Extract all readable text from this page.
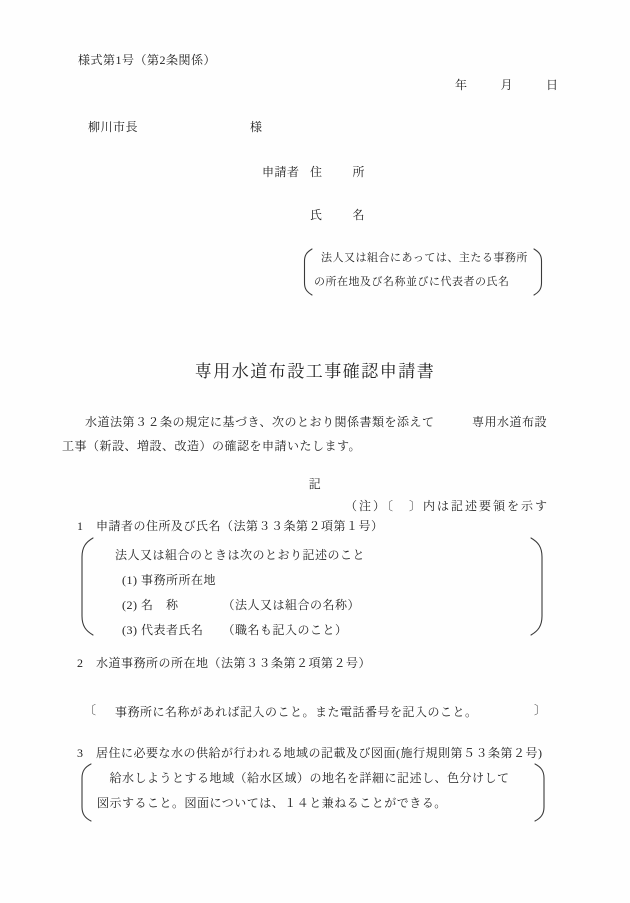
様式第1号（第2条関係）
年	月	日
柳川市長	様
申請者 住	所
氏	名
法人又は組合にあっては、主たる事務所
の所在地及び名称並びに代表者の氏名
専用水道布設工事確認申請書
水道法第３２条の規定に基づき、次のとおり関係書類を添えて　　　専用水道布設
工事（新設、増設、改造）の確認を申請いたします。
記
（注）〔　〕内は記述要領を示す
1　申請者の住所及び氏名（法第３３条第２項第１号）
法人又は組合のときは次のとおり記述のこと
(1) 事務所所在地
(2) 名　称　　　　（法人又は組合の名称）
(3) 代表者氏名　　（職名も記入のこと）
2　水道事務所の所在地（法第３３条第２項第２号）
〔 事務所に名称があれば記入のこと。また電話番号を記入のこと。	〕
3　居住に必要な水の供給が行われる地域の記載及び図面(施行規則第５３条第２号)
　給水しようとする地域（給水区域）の地名を詳細に記述し、色分けして
図示すること。図面については、１４と兼ねることができる。
